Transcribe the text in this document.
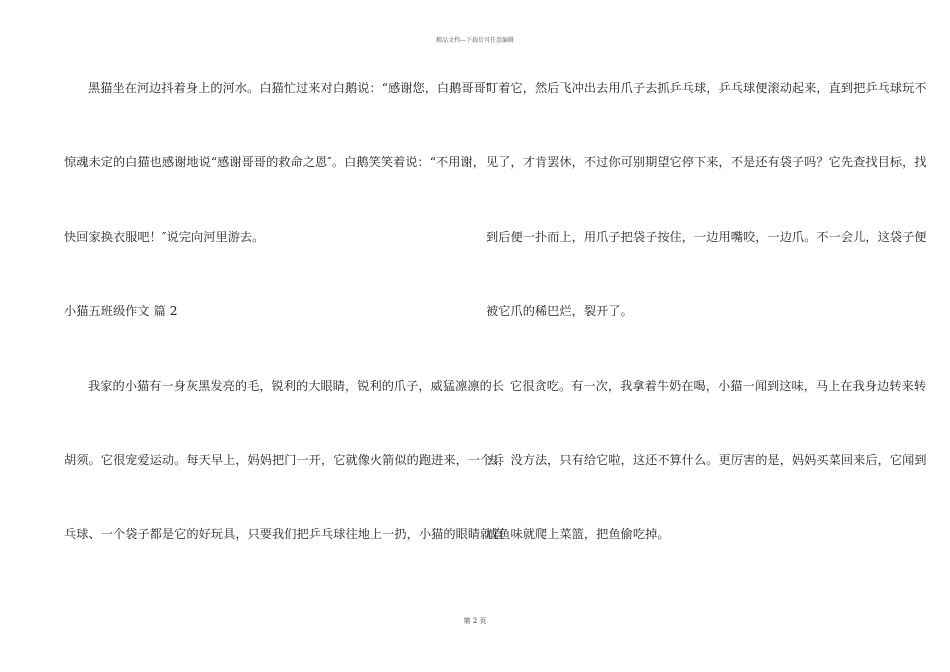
精品文档---下载后可任意编辑
黑猫坐在河边抖着身上的河水。白猫忙过来对白鹅说：“感谢您，白鹅哥哥″
惊魂未定的白猫也感谢地说“感谢哥哥的救命之恩″。白鹅笑笑着说：“不用谢，
快回家换衣服吧！″说完向河里游去。
小猫五班级作文 篇 2
我家的小猫有一身灰黑发亮的毛，锐利的大眼睛，锐利的爪子，威猛凛凛的长
胡须。它很宠爱运动。每天早上，妈妈把门一开，它就像火箭似的跑进来，一个乒
乓球、一个袋子都是它的好玩具，只要我们把乒乓球往地上一扔，小猫的眼睛就直
盯着它，然后飞冲出去用爪子去抓乒乓球，乒乓球便滚动起来，直到把乒乓球玩不
见了，才肯罢休，不过你可别期望它停下来，不是还有袋子吗？它先查找目标，找
到后便一扑而上，用爪子把袋子按住，一边用嘴咬，一边爪。不一会儿，这袋子便
被它爪的稀巴烂，裂开了。
它很贪吃。有一次，我拿着牛奶在喝，小猫一闻到这味，马上在我身边转来转
去，没方法，只有给它啦，这还不算什么。更厉害的是，妈妈买菜回来后，它闻到
咸鱼味就爬上菜篮，把鱼偷吃掉。
第 2 页
